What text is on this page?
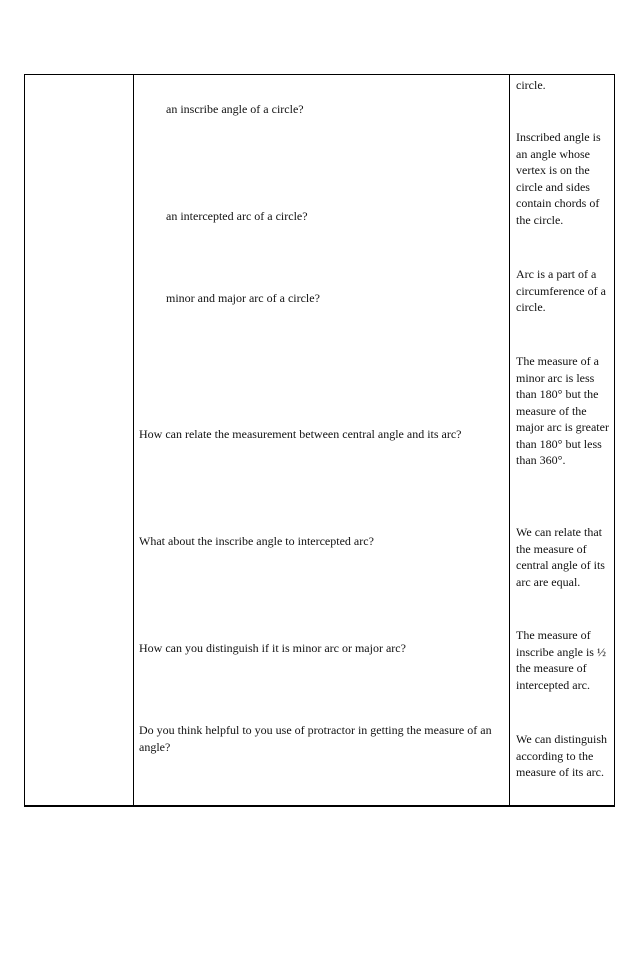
an inscribe angle of a circle?
an intercepted arc of a circle?
minor and major arc of a circle?
How can relate the measurement between central angle and its arc?
What about the inscribe angle to intercepted arc?
How can you distinguish if it is minor arc or major arc?
Do you think helpful to you use of protractor in getting the measure of an angle?
circle.
Inscribed angle is an angle whose vertex is on the circle and sides contain chords of the circle.
Arc is a part of a circumference of a circle.
The measure of a minor arc is less than 180° but the measure of the major arc is greater than 180° but less than 360°.
We can relate that the measure of central angle of its arc are equal.
The measure of inscribe angle is ½ the measure of intercepted arc.
We can distinguish according to the measure of its arc.
